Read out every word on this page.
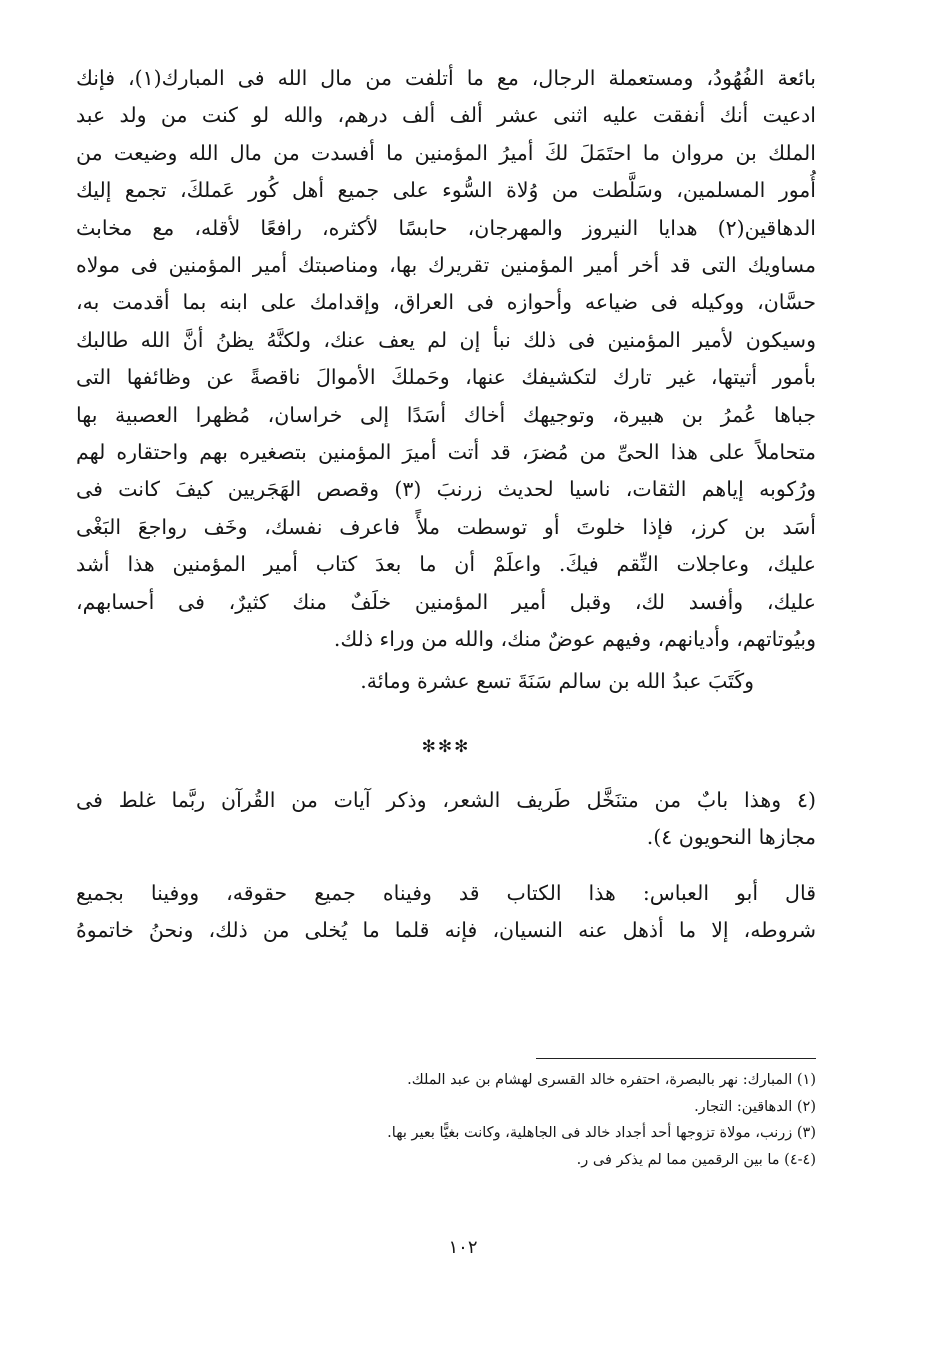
بائعة الفُهُودُ، ومستعملة الرجال، مع ما أتلفت من مال الله فى المبارك(١)، فإنك

ادعيت أنك أنفقت عليه اثنى عشر ألف ألف درهم، والله لو كنت من ولد عبد

الملك بن مروان ما احتَمَلَ لكَ أميرُ المؤمنين ما أفسدت من مال الله وضيعت من

أُمور المسلمين، وسَلَّطت من وُلاة السُّوء على جميع أهل كُور عَملكَ، تجمع إليك

الدهاقين(٢) هدايا النيروز والمهرجان، حابسًا لأكثره، رافعًا لأقله، مع مخابث

مساويك التى قد أخر أمير المؤمنين تقريرك بها، ومناصبتك أمير المؤمنين فى مولاه

حسَّان، ووكيله فى ضياعه وأحوازه فى العراق، وإقدامك على ابنه بما أقدمت به،

وسيكون لأمير المؤمنين فى ذلك نبأ إن لم يعف عنك، ولكنَّهُ يظنُ أنَّ الله طالبك

بأمور أتيتها، غير تارك لتكشيفك عنها، وحَملكَ الأموالَ ناقصةً عن وظائفها التى

جباها عُمرُ بن هبيرة، وتوجيهك أخاك أسَدًا إلى خراسان، مُظهرا العصبية بها

متحاملاً على هذا الحىِّ من مُضرَ، قد أتت أميرَ المؤمنين بتصغيره بهم واحتقاره لهم

ورُكوبه إياهم الثقات، ناسيا لحديث زرنبَ (٣) وقصص الهَجَريين كيفَ كانت فى

أسَد بن كرز، فإذا خلوتَ أو توسطت ملأً فاعرف نفسك، وخَف رواجعَ البَغْى

عليك، وعاجلات النِّقم فيكَ. واعلَمْ أن ما بعدَ كتاب أمير المؤمنين هذا أشد

عليك، وأفسد لك، وقبل أمير المؤمنين خلَفٌ منك كثيرٌ، فى أحسابهم،

وبيُوتاتهم، وأديانهم، وفيهم عوضٌ منك، والله من وراء ذلك.

وكَتَبَ عبدُ الله بن سالم سَنَةَ تسع عشرة ومائة.

✻✻✻

(٤ وهذا بابٌ من متنَخَّل طَريف الشعر، وذكر آيات من القُرآن ربَّما غلط فى

مجازها النحويون ٤).

قال أبو العباس: هذا الكتاب قد وفيناه جميع حقوقه، ووفينا بجميع

شروطه، إلا ما أذهل عنه النسيان، فإنه قلما ما يُخلى من ذلك، ونحنُ خاتموهُ

(١) المبارك: نهر بالبصرة، احتفره خالد القسرى لهشام بن عبد الملك.

(٢) الدهاقين: التجار.

(٣) زرنب، مولاة تزوجها أحد أجداد خالد فى الجاهلية، وكانت بغيًّا بعير بها.

(٤-٤) ما بين الرقمين مما لم يذكر فى ر.

١٠٢
